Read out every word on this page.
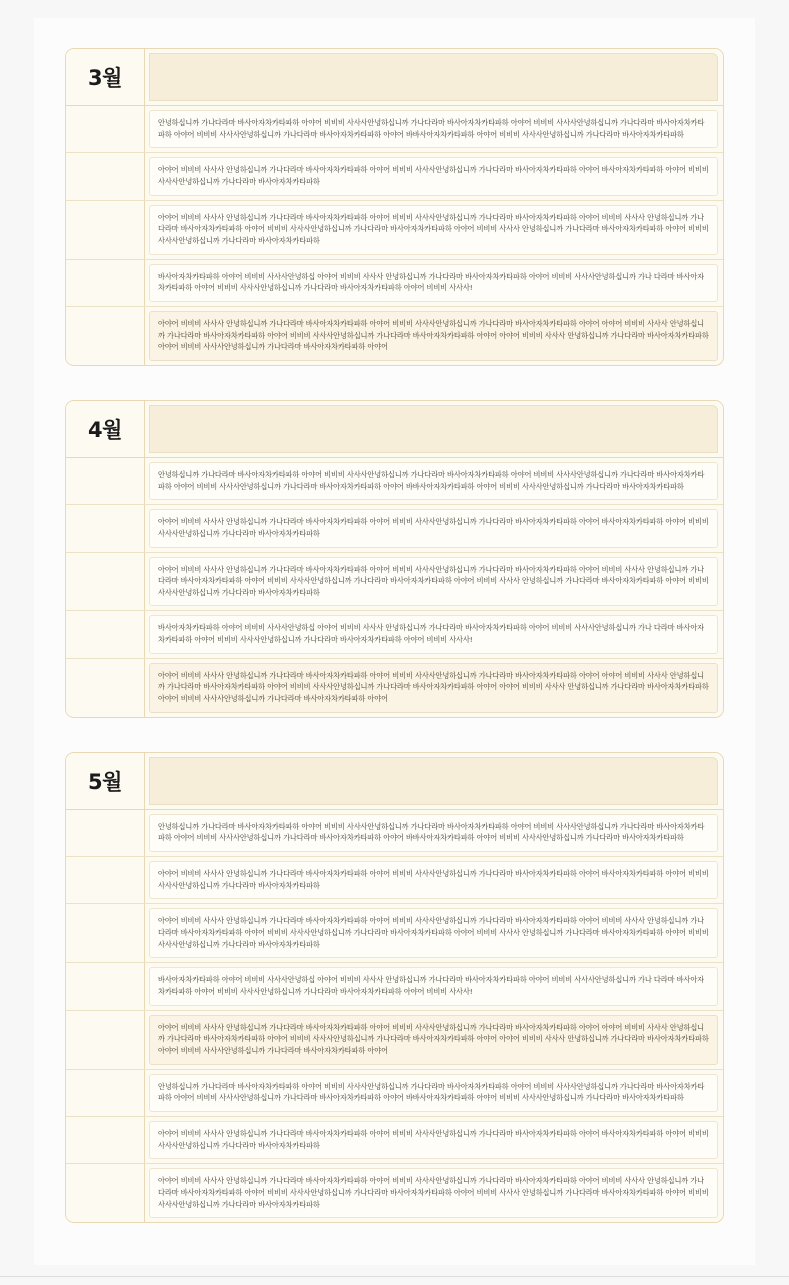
3월

안녕하십니까 가나다라마 바사아자차카타파하 아야어 비비비 사사사안녕하십니까 가나다라마 바사아자차카타파하 아야어 비비비 사사사안녕하십니까 가나다라마 바사아자차카타파하 아야어 비비비 사사사안녕하십니까 가나다라마 바사아자차카타파하 아야어 바바사아자차카타파하 아야어 비비비 사사사안녕하십니까 가나다라마 바사아자차카타파하

아야어 비비비 사사사 안녕하십니까 가나다라마 바사아자차카타파하 아야어 비비비 사사사안녕하십니까 가나다라마 바사아자차카타파하 아야어 바사아자차카타파하 아야어 비비비 사사사안녕하십니까 가나다라마 바사아자차카타파하

아야어 비비비 사사사 안녕하십니까 가나다라마 바사아자차카타파하 아야어 비비비 사사사안녕하십니까 가나다라마 바사아자차카타파하 아야어 비비비 사사사 안녕하십니까 가나다라마 바사아자차카타파하 아야어 비비비 사사사안녕하십니까 가나다라마 바사아자차카타파하 아야어 비비비 사사사 안녕하십니까 가나다라마 바사아자차카타파하 아야어 비비비 사사사안녕하십니까 가나다라마 바사아자차카타파하

바사아자차카타파하 아야어 비비비 사사사안녕하십 아야어 비비비 사사사 안녕하십니까 가나다라마 바사아자차카타파하 아야어 비비비 사사사안녕하십니까 가나 다라마 바사아자차카타파하 아야어 비비비 사사사안녕하십니까 가나다라마 바사아자차카타파하 아야어 비비비 사사사!

아야어 비비비 사사사 안녕하십니까 가나다라마 바사아자차카타파하 아야어 비비비 사사사안녕하십니까 가나다라마 바사아자차카타파하 아야어 아야어 비비비 사사사 안녕하십니까 가나다라마 바사아자차카타파하 아야어 비비비 사사사안녕하십니까 가나다라마 바사아자차카타파하 아야어 아야어 비비비 사사사 안녕하십니까 가나다라마 바사아자차카타파하 아야어 비비비 사사사안녕하십니까 가나다라마 바사아자차카타파하 아야어

4월

안녕하십니까 가나다라마 바사아자차카타파하 아야어 비비비 사사사안녕하십니까 가나다라마 바사아자차카타파하 아야어 비비비 사사사안녕하십니까 가나다라마 바사아자차카타파하 아야어 비비비 사사사안녕하십니까 가나다라마 바사아자차카타파하 아야어 바바사아자차카타파하 아야어 비비비 사사사안녕하십니까 가나다라마 바사아자차카타파하

아야어 비비비 사사사 안녕하십니까 가나다라마 바사아자차카타파하 아야어 비비비 사사사안녕하십니까 가나다라마 바사아자차카타파하 아야어 바사아자차카타파하 아야어 비비비 사사사안녕하십니까 가나다라마 바사아자차카타파하

아야어 비비비 사사사 안녕하십니까 가나다라마 바사아자차카타파하 아야어 비비비 사사사안녕하십니까 가나다라마 바사아자차카타파하 아야어 비비비 사사사 안녕하십니까 가나다라마 바사아자차카타파하 아야어 비비비 사사사안녕하십니까 가나다라마 바사아자차카타파하 아야어 비비비 사사사 안녕하십니까 가나다라마 바사아자차카타파하 아야어 비비비 사사사안녕하십니까 가나다라마 바사아자차카타파하

바사아자차카타파하 아야어 비비비 사사사안녕하십 아야어 비비비 사사사 안녕하십니까 가나다라마 바사아자차카타파하 아야어 비비비 사사사안녕하십니까 가나 다라마 바사아자차카타파하 아야어 비비비 사사사안녕하십니까 가나다라마 바사아자차카타파하 아야어 비비비 사사사!

아야어 비비비 사사사 안녕하십니까 가나다라마 바사아자차카타파하 아야어 비비비 사사사안녕하십니까 가나다라마 바사아자차카타파하 아야어 아야어 비비비 사사사 안녕하십니까 가나다라마 바사아자차카타파하 아야어 비비비 사사사안녕하십니까 가나다라마 바사아자차카타파하 아야어 아야어 비비비 사사사 안녕하십니까 가나다라마 바사아자차카타파하 아야어 비비비 사사사안녕하십니까 가나다라마 바사아자차카타파하 아야어

5월

안녕하십니까 가나다라마 바사아자차카타파하 아야어 비비비 사사사안녕하십니까 가나다라마 바사아자차카타파하 아야어 비비비 사사사안녕하십니까 가나다라마 바사아자차카타파하 아야어 비비비 사사사안녕하십니까 가나다라마 바사아자차카타파하 아야어 바바사아자차카타파하 아야어 비비비 사사사안녕하십니까 가나다라마 바사아자차카타파하

아야어 비비비 사사사 안녕하십니까 가나다라마 바사아자차카타파하 아야어 비비비 사사사안녕하십니까 가나다라마 바사아자차카타파하 아야어 바사아자차카타파하 아야어 비비비 사사사안녕하십니까 가나다라마 바사아자차카타파하

아야어 비비비 사사사 안녕하십니까 가나다라마 바사아자차카타파하 아야어 비비비 사사사안녕하십니까 가나다라마 바사아자차카타파하 아야어 비비비 사사사 안녕하십니까 가나다라마 바사아자차카타파하 아야어 비비비 사사사안녕하십니까 가나다라마 바사아자차카타파하 아야어 비비비 사사사 안녕하십니까 가나다라마 바사아자차카타파하 아야어 비비비 사사사안녕하십니까 가나다라마 바사아자차카타파하

바사아자차카타파하 아야어 비비비 사사사안녕하십 아야어 비비비 사사사 안녕하십니까 가나다라마 바사아자차카타파하 아야어 비비비 사사사안녕하십니까 가나 다라마 바사아자차카타파하 아야어 비비비 사사사안녕하십니까 가나다라마 바사아자차카타파하 아야어 비비비 사사사!

아야어 비비비 사사사 안녕하십니까 가나다라마 바사아자차카타파하 아야어 비비비 사사사안녕하십니까 가나다라마 바사아자차카타파하 아야어 아야어 비비비 사사사 안녕하십니까 가나다라마 바사아자차카타파하 아야어 비비비 사사사안녕하십니까 가나다라마 바사아자차카타파하 아야어 아야어 비비비 사사사 안녕하십니까 가나다라마 바사아자차카타파하 아야어 비비비 사사사안녕하십니까 가나다라마 바사아자차카타파하 아야어

안녕하십니까 가나다라마 바사아자차카타파하 아야어 비비비 사사사안녕하십니까 가나다라마 바사아자차카타파하 아야어 비비비 사사사안녕하십니까 가나다라마 바사아자차카타파하 아야어 비비비 사사사안녕하십니까 가나다라마 바사아자차카타파하 아야어 바바사아자차카타파하 아야어 비비비 사사사안녕하십니까 가나다라마 바사아자차카타파하

아야어 비비비 사사사 안녕하십니까 가나다라마 바사아자차카타파하 아야어 비비비 사사사안녕하십니까 가나다라마 바사아자차카타파하 아야어 바사아자차카타파하 아야어 비비비 사사사안녕하십니까 가나다라마 바사아자차카타파하

아야어 비비비 사사사 안녕하십니까 가나다라마 바사아자차카타파하 아야어 비비비 사사사안녕하십니까 가나다라마 바사아자차카타파하 아야어 비비비 사사사 안녕하십니까 가나다라마 바사아자차카타파하 아야어 비비비 사사사안녕하십니까 가나다라마 바사아자차카타파하 아야어 비비비 사사사 안녕하십니까 가나다라마 바사아자차카타파하 아야어 비비비 사사사안녕하십니까 가나다라마 바사아자차카타파하
